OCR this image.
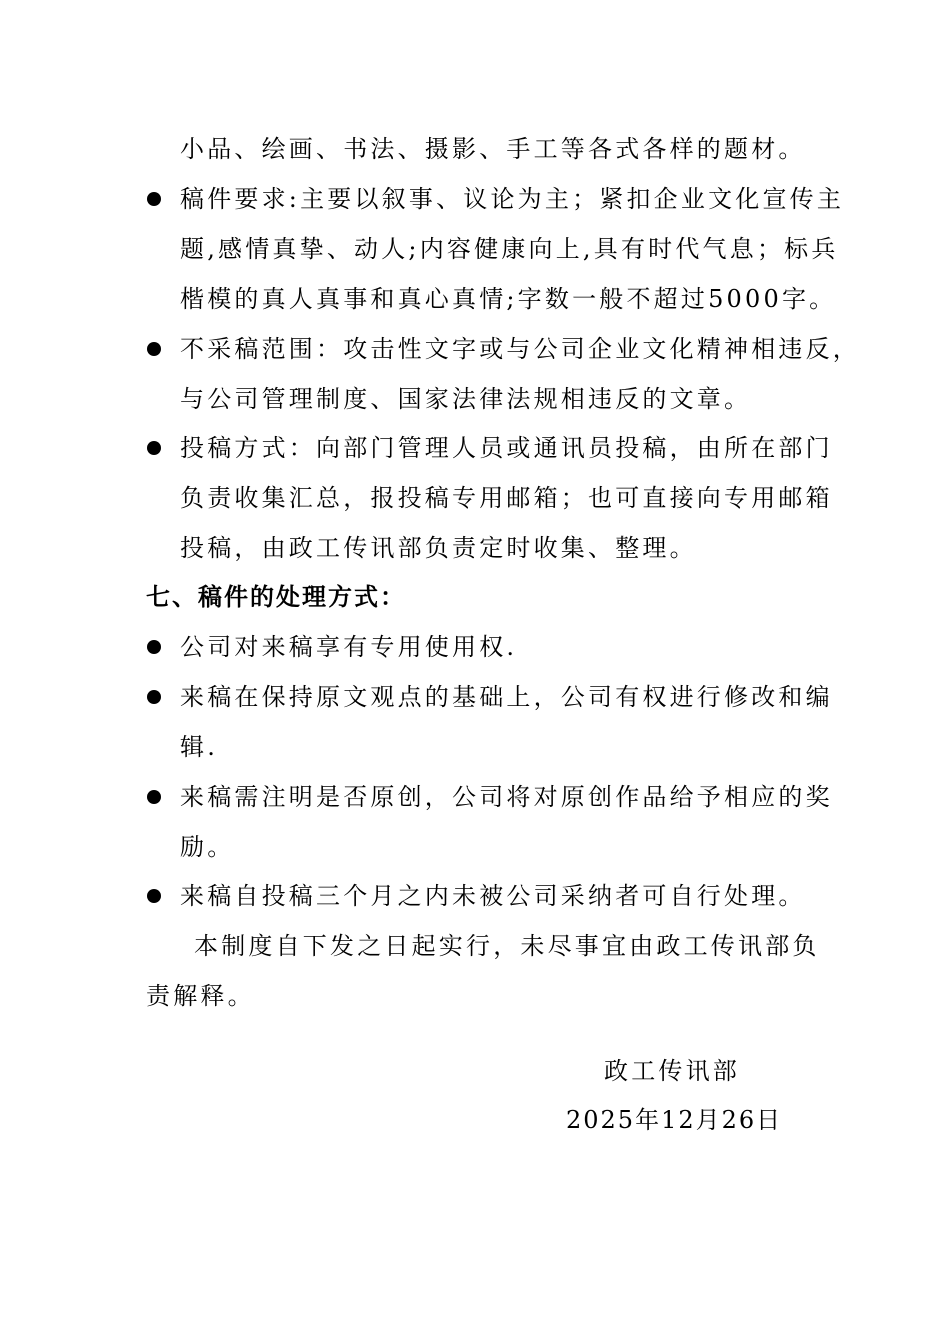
小品、绘画、书法、摄影、手工等各式各样的题材。
稿件要求:主要以叙事、议论为主；紧扣企业文化宣传主
题,感情真挚、动人;内容健康向上,具有时代气息；标兵
楷模的真人真事和真心真情;字数一般不超过5000字。
不采稿范围：攻击性文字或与公司企业文化精神相违反，
与公司管理制度、国家法律法规相违反的文章。
投稿方式：向部门管理人员或通讯员投稿，由所在部门
负责收集汇总，报投稿专用邮箱；也可直接向专用邮箱
投稿，由政工传讯部负责定时收集、整理。
七、稿件的处理方式：
公司对来稿享有专用使用权.
来稿在保持原文观点的基础上，公司有权进行修改和编
辑.
来稿需注明是否原创，公司将对原创作品给予相应的奖
励。
来稿自投稿三个月之内未被公司采纳者可自行处理。
本制度自下发之日起实行，未尽事宜由政工传讯部负
责解释。
政工传讯部
2025年12月26日
